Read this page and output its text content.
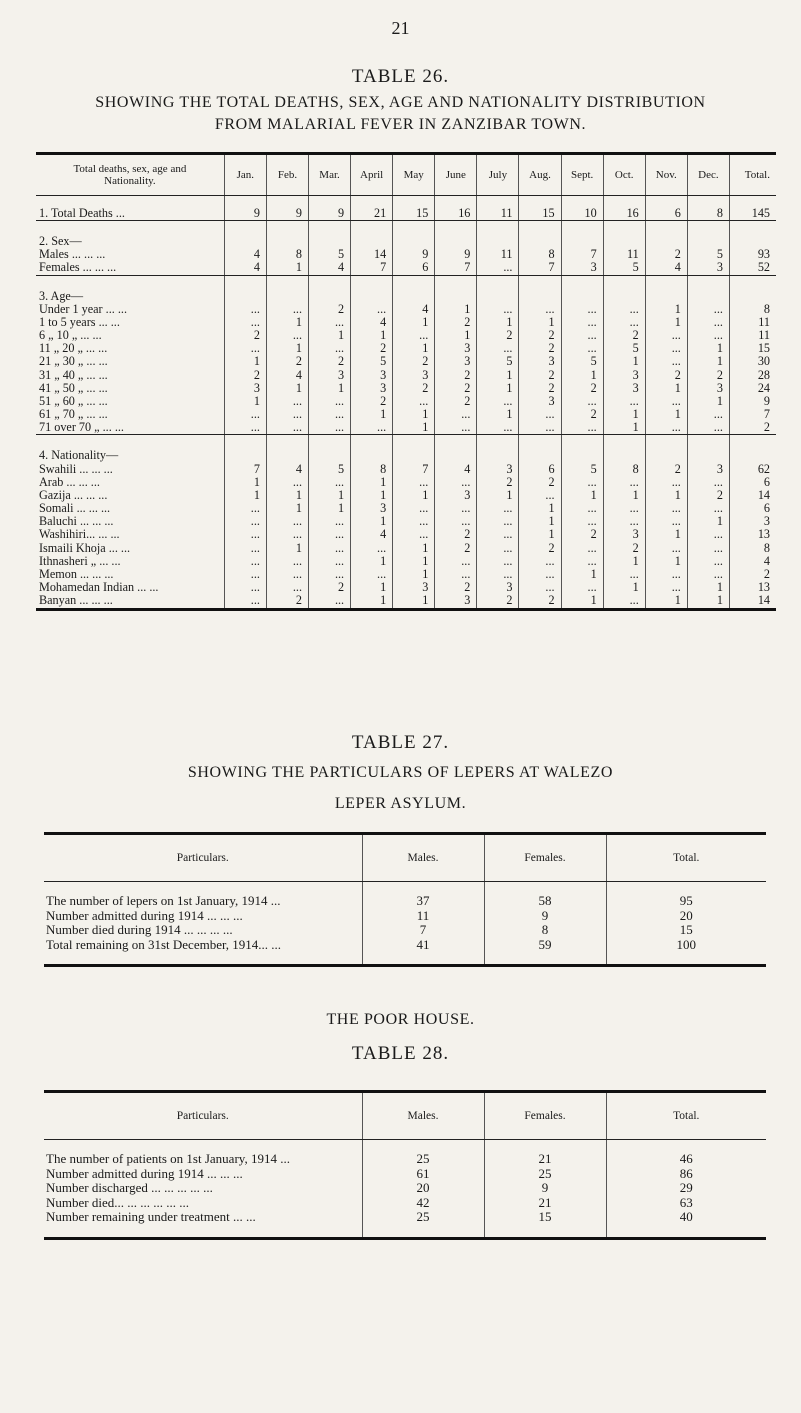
21
TABLE 26.
SHOWING THE TOTAL DEATHS, SEX, AGE AND NATIONALITY DISTRIBUTION
FROM MALARIAL FEVER IN ZANZIBAR TOWN.
Total deaths, sex, age and
Nationality.	Jan.	Feb.	Mar.	April	May	June	July	Aug.	Sept.	Oct.	Nov.	Dec.	Total.

1. Total Deaths ...	9	9	9	21	15	16	11	15	10	16	6	8	145

2. Sex—													
Males ... ... ...	4	8	5	14	9	9	11	8	7	11	2	5	93
Females ... ... ...	4	1	4	7	6	7	...	7	3	5	4	3	52

3. Age—													
Under 1 year ... ...	...	...	2	...	4	1	...	...	...	...	1	...	8
1 to 5 years ... ...	...	1	...	4	1	2	1	1	...	...	1	...	11
6 „ 10 „ ... ...	2	...	1	1	...	1	2	2	...	2	...	...	11
11 „ 20 „ ... ...	...	1	...	2	1	3	...	2	...	5	...	1	15
21 „ 30 „ ... ...	1	2	2	5	2	3	5	3	5	1	...	1	30
31 „ 40 „ ... ...	2	4	3	3	3	2	1	2	1	3	2	2	28
41 „ 50 „ ... ...	3	1	1	3	2	2	1	2	2	3	1	3	24
51 „ 60 „ ... ...	1	...	...	2	...	2	...	3	...	...	...	1	9
61 „ 70 „ ... ...	...	...	...	1	1	...	1	...	2	1	1	...	7
71 over 70 „ ... ...	...	...	...	...	1	...	...	...	...	1	...	...	2

4. Nationality—													
Swahili ... ... ...	7	4	5	8	7	4	3	6	5	8	2	3	62
Arab ... ... ...	1	...	...	1	...	...	2	2	...	...	...	...	6
Gazija ... ... ...	1	1	1	1	1	3	1	...	1	1	1	2	14
Somali ... ... ...	...	1	1	3	...	...	...	1	...	...	...	...	6
Baluchi ... ... ...	...	...	...	1	...	...	...	1	...	...	...	1	3
Washihiri... ... ...	...	...	...	4	...	2	...	1	2	3	1	...	13
Ismaili Khoja ... ...	...	1	...	...	1	2	...	2	...	2	...	...	8
Ithnasheri „ ... ...	...	...	...	1	1	...	...	...	...	1	1	...	4
Memon ... ... ...	...	...	...	...	1	...	...	...	1	...	...	...	2
Mohamedan Indian ... ...	...	...	2	1	3	2	3	...	...	1	...	1	13
Banyan ... ... ...	...	2	...	1	1	3	2	2	1	...	1	1	14
TABLE 27.
SHOWING THE PARTICULARS OF LEPERS AT WALEZO
LEPER ASYLUM.
Particulars.	Males.	Females.	Total.

The number of lepers on 1st January, 1914 ...	37	58	95
Number admitted during 1914 ... ... ...	11	9	20
Number died during 1914 ... ... ... ...	7	8	15
Total remaining on 31st December, 1914... ...	41	59	100

THE POOR HOUSE.
TABLE 28.
Particulars.	Males.	Females.	Total.

The number of patients on 1st January, 1914 ...	25	21	46
Number admitted during 1914 ... ... ...	61	25	86
Number discharged ... ... ... ... ...	20	9	29
Number died... ... ... ... ... ...	42	21	63
Number remaining under treatment ... ...	25	15	40
